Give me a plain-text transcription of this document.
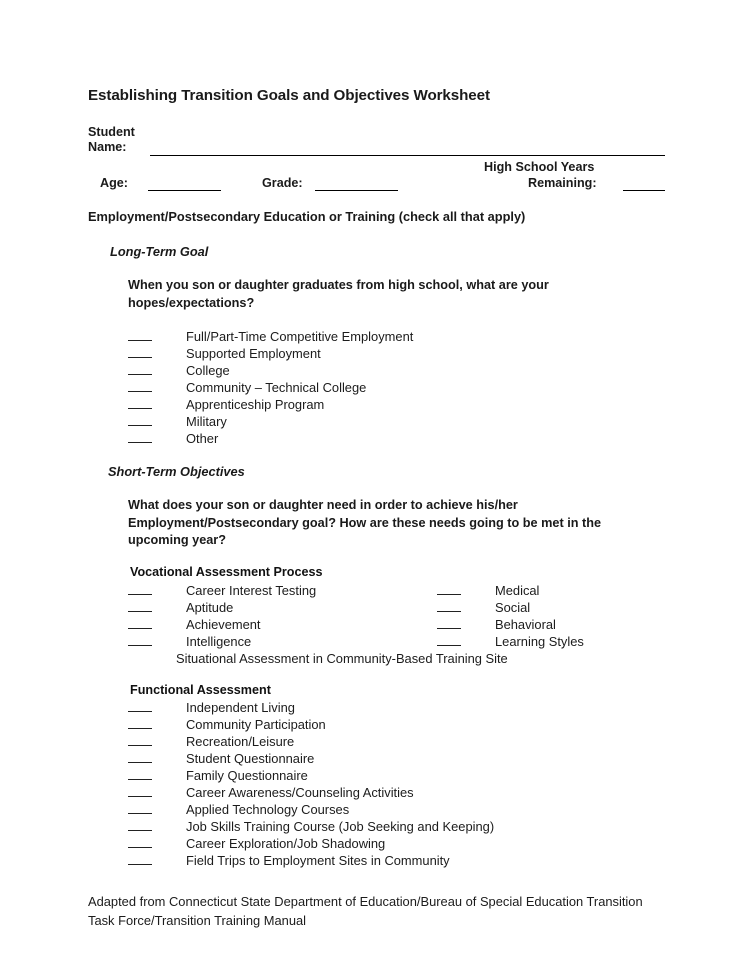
Establishing Transition Goals and Objectives Worksheet
Student
Name:
Age:	Grade:
High School Years
Remaining:
Employment/Postsecondary Education or Training (check all that apply)
Long-Term Goal
When you son or daughter graduates from high school, what are your hopes/expectations?
Full/Part-Time Competitive Employment
Supported Employment
College
Community – Technical College
Apprenticeship Program
Military
Other
Short-Term Objectives
What does your son or daughter need in order to achieve his/her Employment/Postsecondary goal? How are these needs going to be met in the upcoming year?
Vocational Assessment Process
Career Interest Testing
Aptitude
Achievement
Intelligence
Medical
Social
Behavioral
Learning Styles
Situational Assessment in Community-Based Training Site
Functional Assessment
Independent Living
Community Participation
Recreation/Leisure
Student Questionnaire
Family Questionnaire
Career Awareness/Counseling Activities
Applied Technology Courses
Job Skills Training Course (Job Seeking and Keeping)
Career Exploration/Job Shadowing
Field Trips to Employment Sites in Community
Adapted from Connecticut State Department of Education/Bureau of Special Education Transition Task Force/Transition Training Manual
